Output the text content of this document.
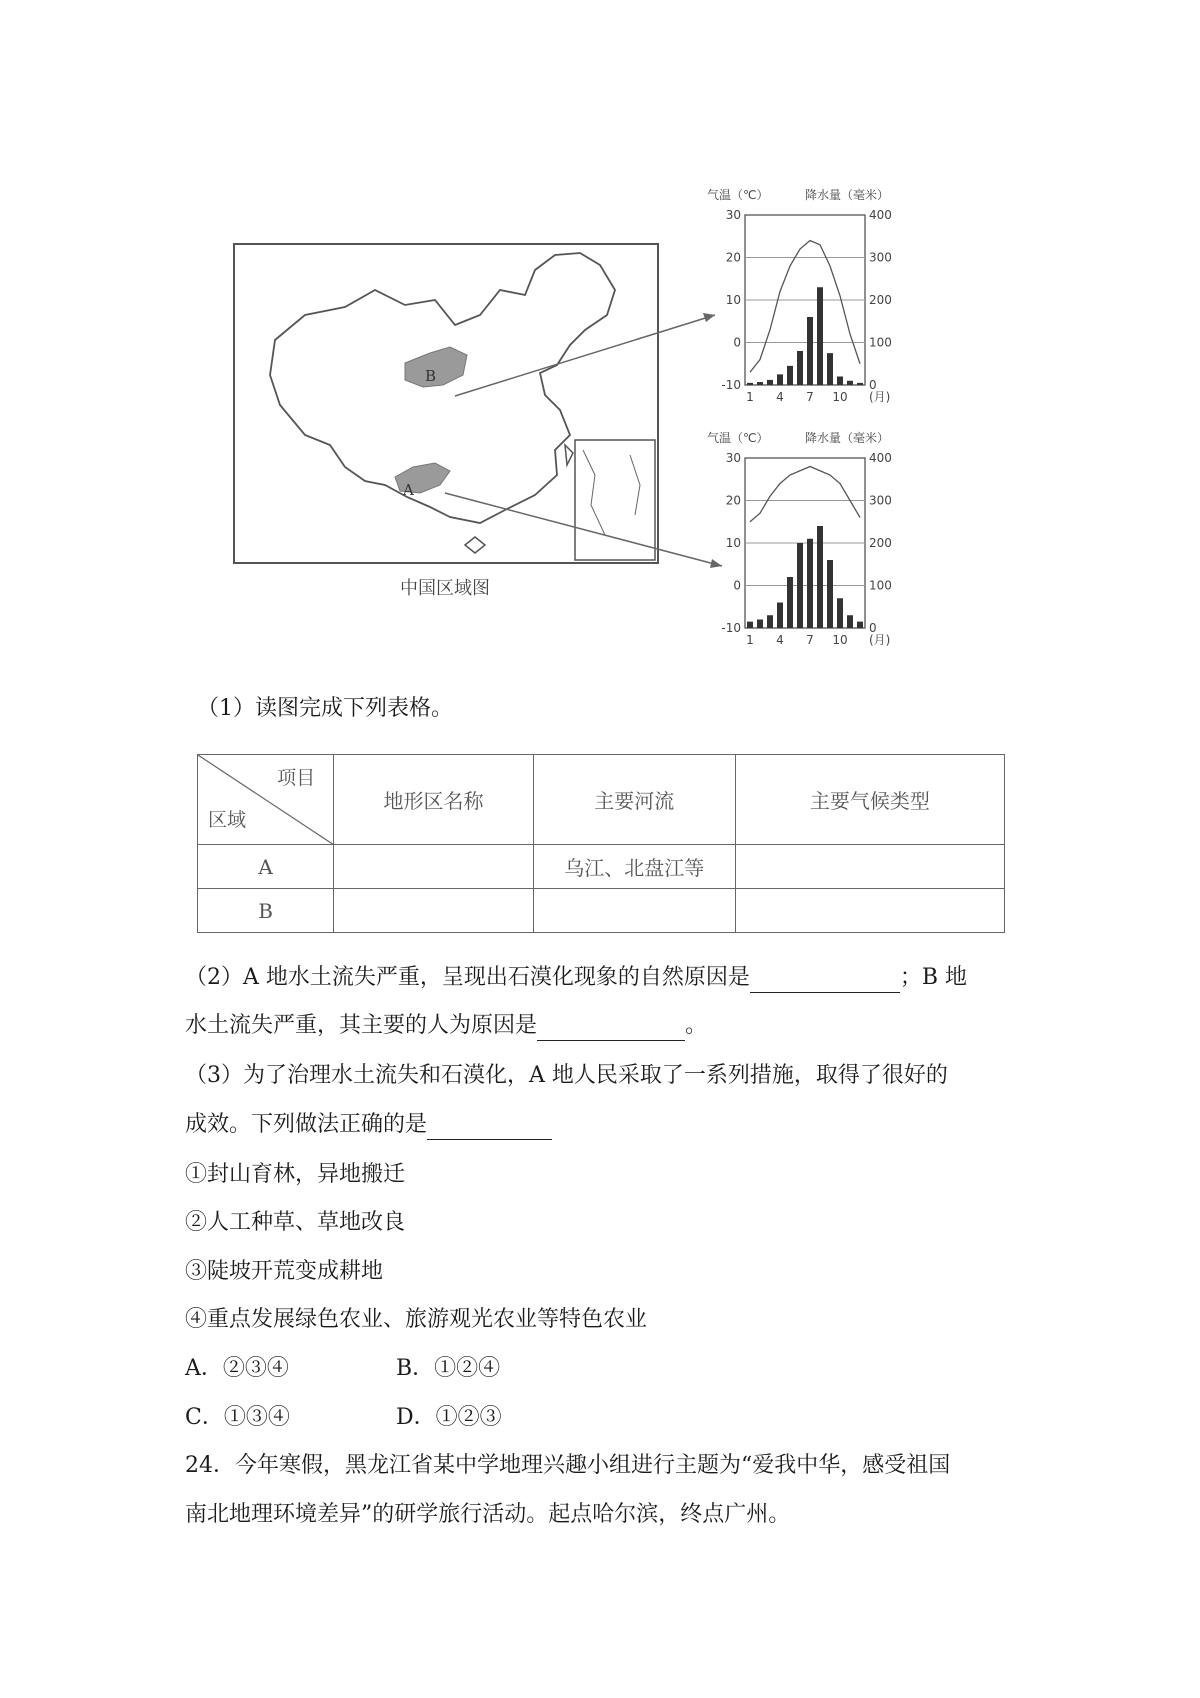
B
A
中国区域图
气温（℃）	降水量（毫米）
30	400
20	300
10	200
0	100
-10	0
1 4 7 10 (月)
气温（℃）	降水量（毫米）
30	400
20	300
10	200
0	100
-10	0
1 4 7 10 (月)
（1）读图完成下列表格。
项目
区域	地形区名称	主要河流	主要气候类型
A		乌江、北盘江等	
B			
（2）A 地水土流失严重，呈现出石漠化现象的自然原因是	；B 地
水土流失严重，其主要的人为原因是	。
（3）为了治理水土流失和石漠化，A 地人民采取了一系列措施，取得了很好的
成效。下列做法正确的是
①封山育林，异地搬迁
②人工种草、草地改良
③陡坡开荒变成耕地
④重点发展绿色农业、旅游观光农业等特色农业
A．②③④	B．①②④
C．①③④	D．①②③
24．今年寒假，黑龙江省某中学地理兴趣小组进行主题为“爱我中华，感受祖国
南北地理环境差异”的研学旅行活动。起点哈尔滨，终点广州。
